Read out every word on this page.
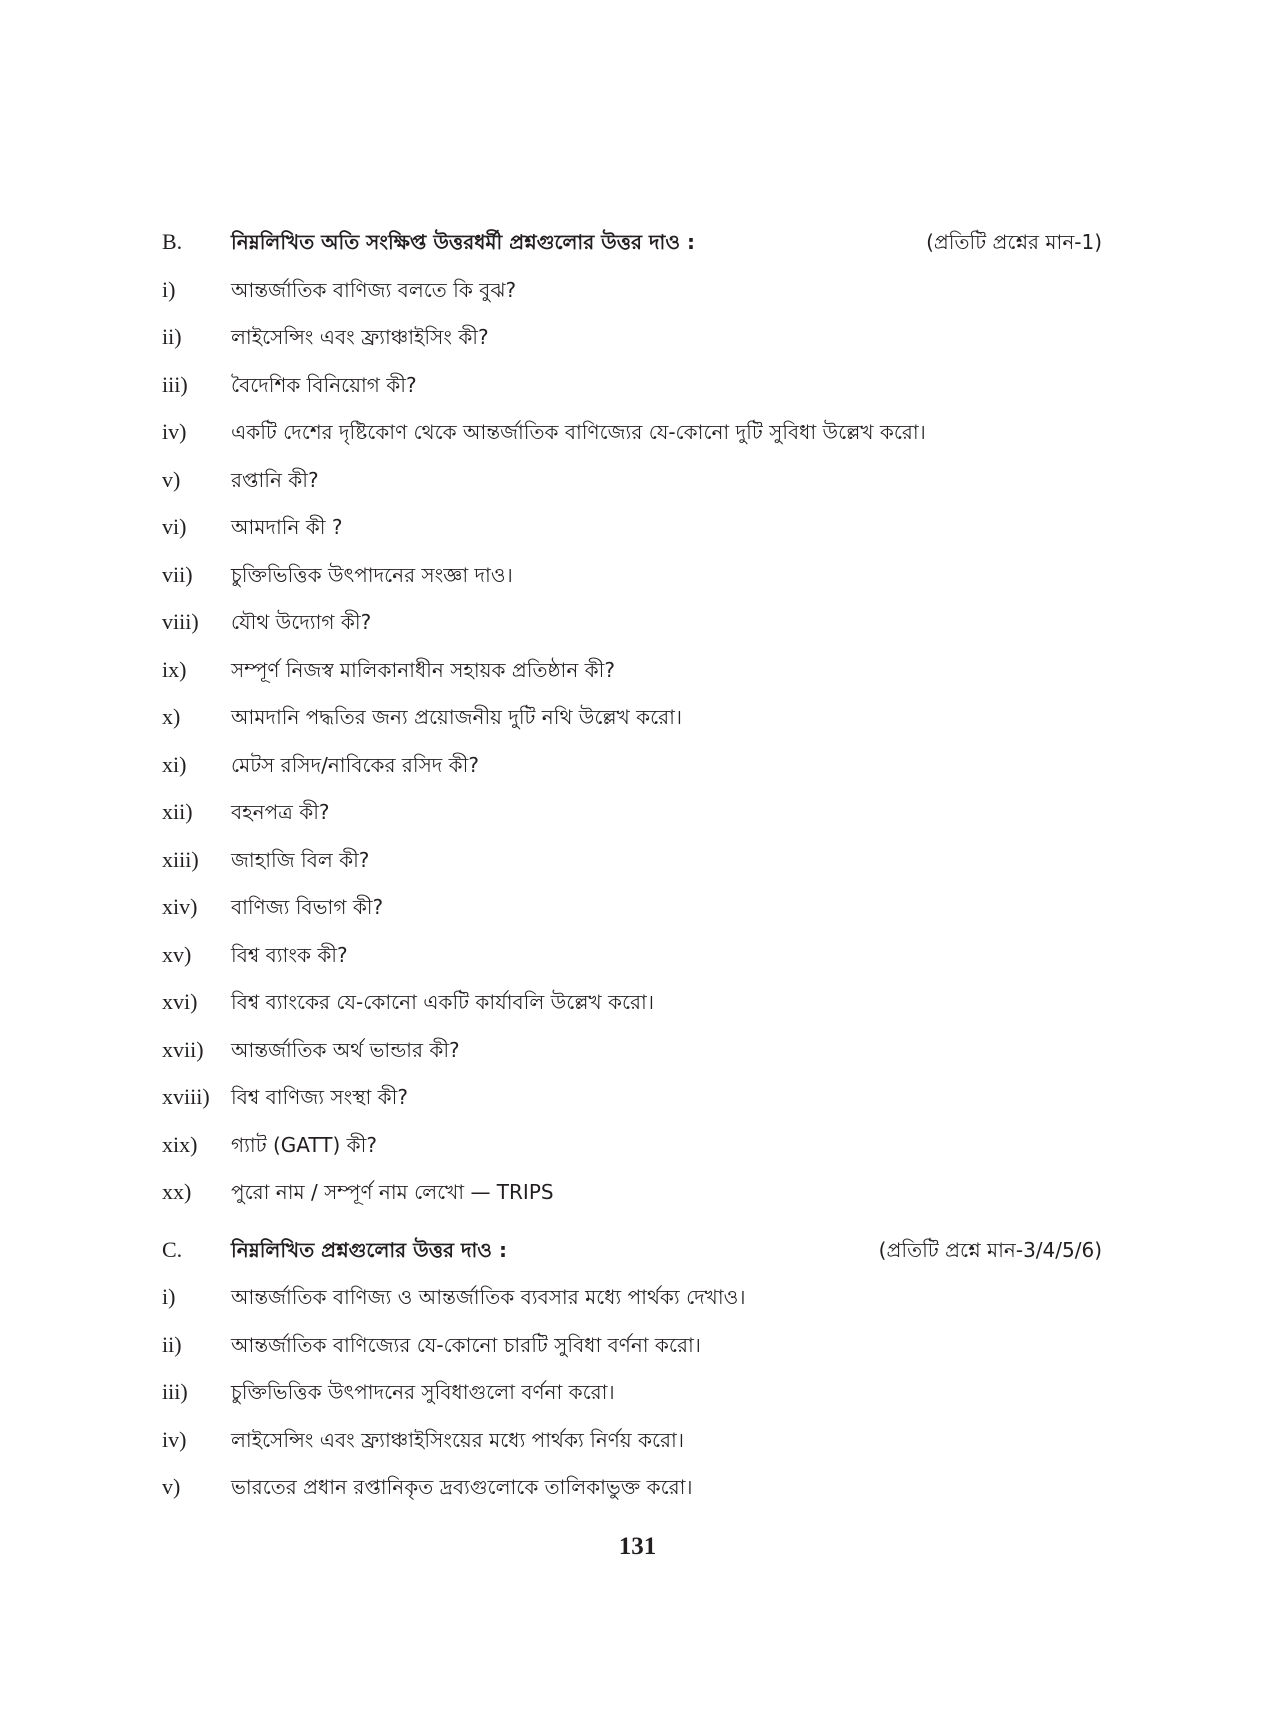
B.	নিম্নলিখিত অতি সংক্ষিপ্ত উত্তরধর্মী প্রশ্নগুলোর উত্তর দাও :	(প্রতিটি প্রশ্নের মান-1)
i)	আন্তর্জাতিক বাণিজ্য বলতে কি বুঝ?
ii)	লাইসেন্সিং এবং ফ্র্যাঞ্চাইসিং কী?
iii)	বৈদেশিক বিনিয়োগ কী?
iv)	একটি দেশের দৃষ্টিকোণ থেকে আন্তর্জাতিক বাণিজ্যের যে-কোনো দুটি সুবিধা উল্লেখ করো।
v)	রপ্তানি কী?
vi)	আমদানি কী ?
vii)	চুক্তিভিত্তিক উৎপাদনের সংজ্ঞা দাও।
viii)	যৌথ উদ্যোগ কী?
ix)	সম্পূর্ণ নিজস্ব মালিকানাধীন সহায়ক প্রতিষ্ঠান কী?
x)	আমদানি পদ্ধতির জন্য প্রয়োজনীয় দুটি নথি উল্লেখ করো।
xi)	মেটস রসিদ/নাবিকের রসিদ কী?
xii)	বহনপত্র কী?
xiii)	জাহাজি বিল কী?
xiv)	বাণিজ্য বিভাগ কী?
xv)	বিশ্ব ব্যাংক কী?
xvi)	বিশ্ব ব্যাংকের যে-কোনো একটি কার্যাবলি উল্লেখ করো।
xvii)	আন্তর্জাতিক অর্থ ভান্ডার কী?
xviii)	বিশ্ব বাণিজ্য সংস্থা কী?
xix)	গ্যাট (GATT) কী?
xx)	পুরো নাম / সম্পূর্ণ নাম লেখো — TRIPS
C.	নিম্নলিখিত প্রশ্নগুলোর উত্তর দাও :	(প্রতিটি প্রশ্নে মান-3/4/5/6)
i)	আন্তর্জাতিক বাণিজ্য ও আন্তর্জাতিক ব্যবসার মধ্যে পার্থক্য দেখাও।
ii)	আন্তর্জাতিক বাণিজ্যের যে-কোনো চারটি সুবিধা বর্ণনা করো।
iii)	চুক্তিভিত্তিক উৎপাদনের সুবিধাগুলো বর্ণনা করো।
iv)	লাইসেন্সিং এবং ফ্র্যাঞ্চাইসিংয়ের মধ্যে পার্থক্য নির্ণয় করো।
v)	ভারতের প্রধান রপ্তানিকৃত দ্রব্যগুলোকে তালিকাভুক্ত করো।
131
